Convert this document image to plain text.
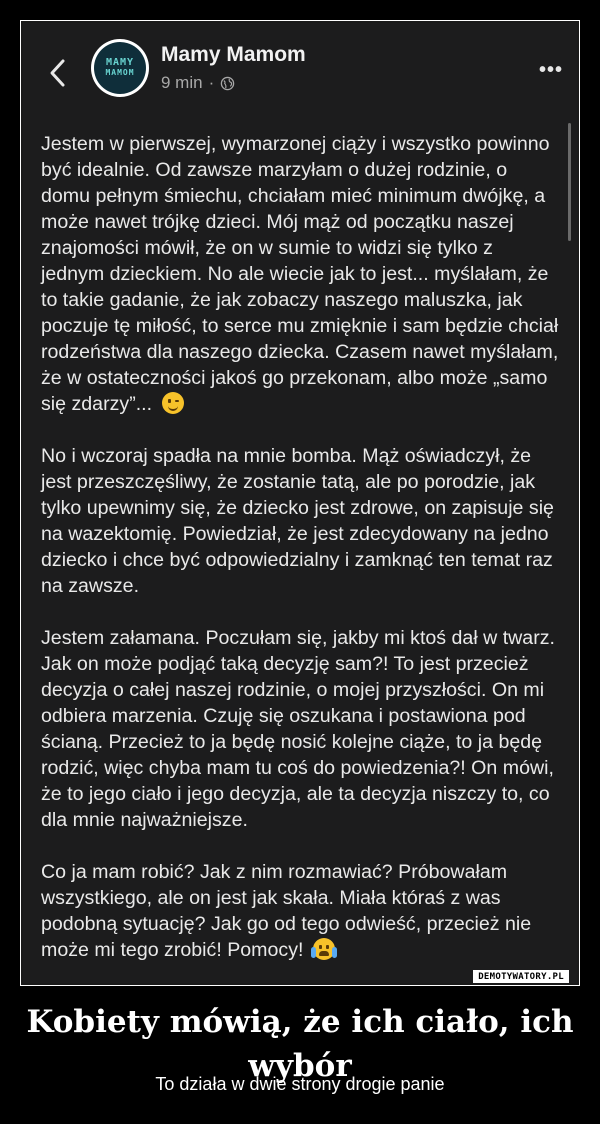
MAMY
MAMOM
Mamy Mamom
9 min ·
•••

Jestem w pierwszej, wymarzonej ciąży i wszystko powinno być idealnie. Od zawsze marzyłam o dużej rodzinie, o domu pełnym śmiechu, chciałam mieć minimum dwójkę, a może nawet trójkę dzieci. Mój mąż od początku naszej znajomości mówił, że on w sumie to widzi się tylko z jednym dzieckiem. No ale wiecie jak to jest... myślałam, że to takie gadanie, że jak zobaczy naszego maluszka, jak poczuje tę miłość, to serce mu zmięknie i sam będzie chciał rodzeństwa dla naszego dziecka. Czasem nawet myślałam, że w ostateczności jakoś go przekonam, albo może „samo się zdarzy”...

No i wczoraj spadła na mnie bomba. Mąż oświadczył, że jest przeszczęśliwy, że zostanie tatą, ale po porodzie, jak tylko upewnimy się, że dziecko jest zdrowe, on zapisuje się na wazektomię. Powiedział, że jest zdecydowany na jedno dziecko i chce być odpowiedzialny i zamknąć ten temat raz na zawsze.

Jestem załamana. Poczułam się, jakby mi ktoś dał w twarz. Jak on może podjąć taką decyzję sam?! To jest przecież decyzja o całej naszej rodzinie, o mojej przyszłości. On mi odbiera marzenia. Czuję się oszukana i postawiona pod ścianą. Przecież to ja będę nosić kolejne ciąże, to ja będę rodzić, więc chyba mam tu coś do powiedzenia?! On mówi, że to jego ciało i jego decyzja, ale ta decyzja niszczy to, co dla mnie najważniejsze.

Co ja mam robić? Jak z nim rozmawiać? Próbowałam wszystkiego, ale on jest jak skała. Miała któraś z was podobną sytuację? Jak go od tego odwieść, przecież nie może mi tego zrobić! Pomocy!

DEMOTYWATORY.PL
Kobiety mówią, że ich ciało, ich wybór
To działa w dwie strony drogie panie
